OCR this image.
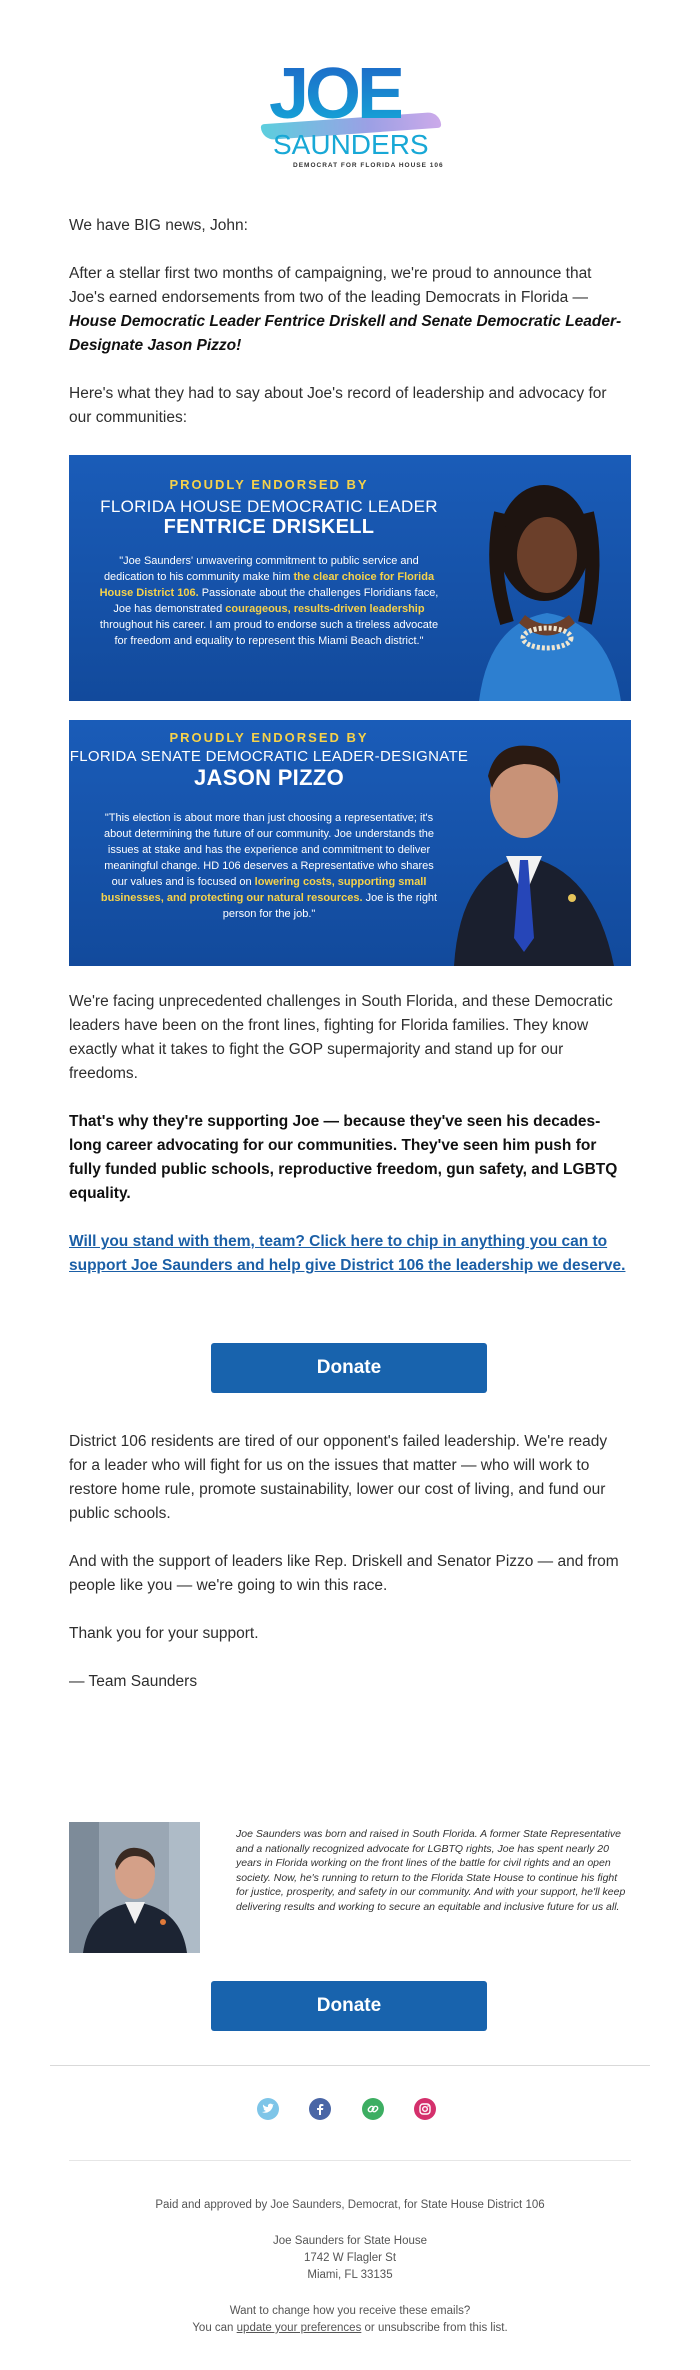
JOE
SAUNDERS
DEMOCRAT FOR FLORIDA HOUSE 106

We have BIG news, John:

After a stellar first two months of campaigning, we're proud to announce that Joe's earned endorsements from two of the leading Democrats in Florida — House Democratic Leader Fentrice Driskell and Senate Democratic Leader-Designate Jason Pizzo!

Here's what they had to say about Joe's record of leadership and advocacy for our communities:

PROUDLY ENDORSED BY
FLORIDA HOUSE DEMOCRATIC LEADER
FENTRICE DRISKELL
"Joe Saunders' unwavering commitment to public service and dedication to his community make him the clear choice for Florida House District 106. Passionate about the challenges Floridians face, Joe has demonstrated courageous, results-driven leadership throughout his career. I am proud to endorse such a tireless advocate for freedom and equality to represent this Miami Beach district."
PROUDLY ENDORSED BY
FLORIDA SENATE DEMOCRATIC LEADER-DESIGNATE
JASON PIZZO
"This election is about more than just choosing a representative; it's about determining the future of our community. Joe understands the issues at stake and has the experience and commitment to deliver meaningful change. HD 106 deserves a Representative who shares our values and is focused on lowering costs, supporting small businesses, and protecting our natural resources. Joe is the right person for the job."

We're facing unprecedented challenges in South Florida, and these Democratic leaders have been on the front lines, fighting for Florida families. They know exactly what it takes to fight the GOP supermajority and stand up for our freedoms.

That's why they're supporting Joe — because they've seen his decades-long career advocating for our communities. They've seen him push for fully funded public schools, reproductive freedom, gun safety, and LGBTQ equality.

Will you stand with them, team? Click here to chip in anything you can to support Joe Saunders and help give District 106 the leadership we deserve.

Donate

District 106 residents are tired of our opponent's failed leadership. We're ready for a leader who will fight for us on the issues that matter — who will work to restore home rule, promote sustainability, lower our cost of living, and fund our public schools.

And with the support of leaders like Rep. Driskell and Senator Pizzo — and from people like you — we're going to win this race.

Thank you for your support.

— Team Saunders

Joe Saunders was born and raised in South Florida. A former State Representative and a nationally recognized advocate for LGBTQ rights, Joe has spent nearly 20 years in Florida working on the front lines of the battle for civil rights and an open society. Now, he's running to return to the Florida State House to continue his fight for justice, prosperity, and safety in our community. And with your support, he'll keep delivering results and working to secure an equitable and inclusive future for us all.

Donate
Paid and approved by Joe Saunders, Democrat, for State House District 106
Joe Saunders for State House
1742 W Flagler St
Miami, FL 33135
Want to change how you receive these emails?
You can update your preferences or unsubscribe from this list.
